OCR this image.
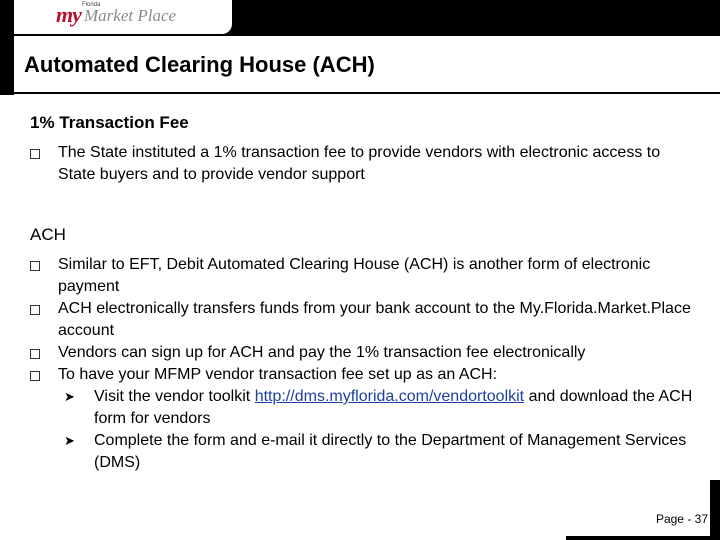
my Florida
Market Place
Automated Clearing House (ACH)
1% Transaction Fee
The State instituted a 1% transaction fee to provide vendors with electronic access to State buyers and to provide vendor support
ACH
Similar to EFT, Debit Automated Clearing House (ACH) is another form of electronic payment
ACH electronically transfers funds from your bank account to the My.Florida.Market.Place account
Vendors can sign up for ACH and pay the 1% transaction fee electronically
To have your MFMP vendor transaction fee set up as an ACH:
➤ Visit the vendor toolkit http://dms.myflorida.com/vendortoolkit and download the ACH form for vendors
➤ Complete the form and e-mail it directly to the Department of Management Services (DMS)
Page - 37
